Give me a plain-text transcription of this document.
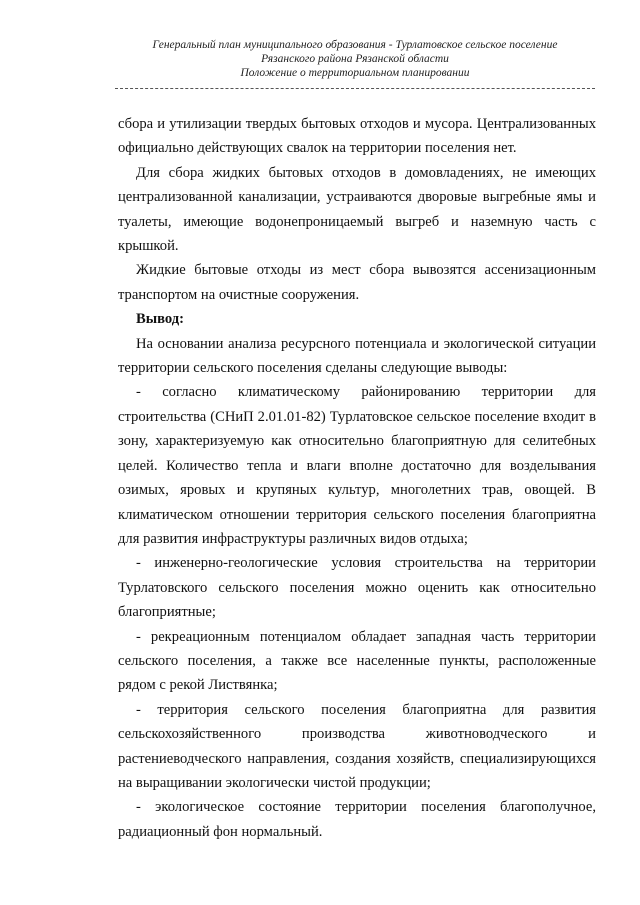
Генеральный план муниципального образования - Турлатовское сельское поселение
Рязанского района Рязанской области
Положение о территориальном планировании

сбора и утилизации твердых бытовых отходов и мусора. Централизованных официально действующих свалок на территории поселения нет.

Для сбора жидких бытовых отходов в домовладениях, не имеющих централизованной канализации, устраиваются дворовые выгребные ямы и туалеты, имеющие водонепроницаемый выгреб и наземную часть с крышкой.

Жидкие бытовые отходы из мест сбора вывозятся ассенизационным транспортом на очистные сооружения.

Вывод:

На основании анализа ресурсного потенциала и экологической ситуации территории сельского поселения сделаны следующие выводы:

- согласно климатическому районированию территории для строительства (СНиП 2.01.01-82) Турлатовское сельское поселение входит в зону, характеризуемую как относительно благоприятную для селитебных целей. Количество тепла и влаги вполне достаточно для возделывания озимых, яровых и крупяных культур, многолетних трав, овощей. В климатическом отношении территория сельского поселения благоприятна для развития инфраструктуры различных видов отдыха;

- инженерно-геологические условия строительства на территории Турлатовского сельского поселения можно оценить как относительно благоприятные;

- рекреационным потенциалом обладает западная часть территории сельского поселения, а также все населенные пункты, расположенные рядом с рекой Листвянка;

- территория сельского поселения благоприятна для развития сельскохозяйственного производства животноводческого и растениеводческого направления, создания хозяйств, специализирующихся на выращивании экологически чистой продукции;

- экологическое состояние территории поселения благополучное, радиационный фон нормальный.
